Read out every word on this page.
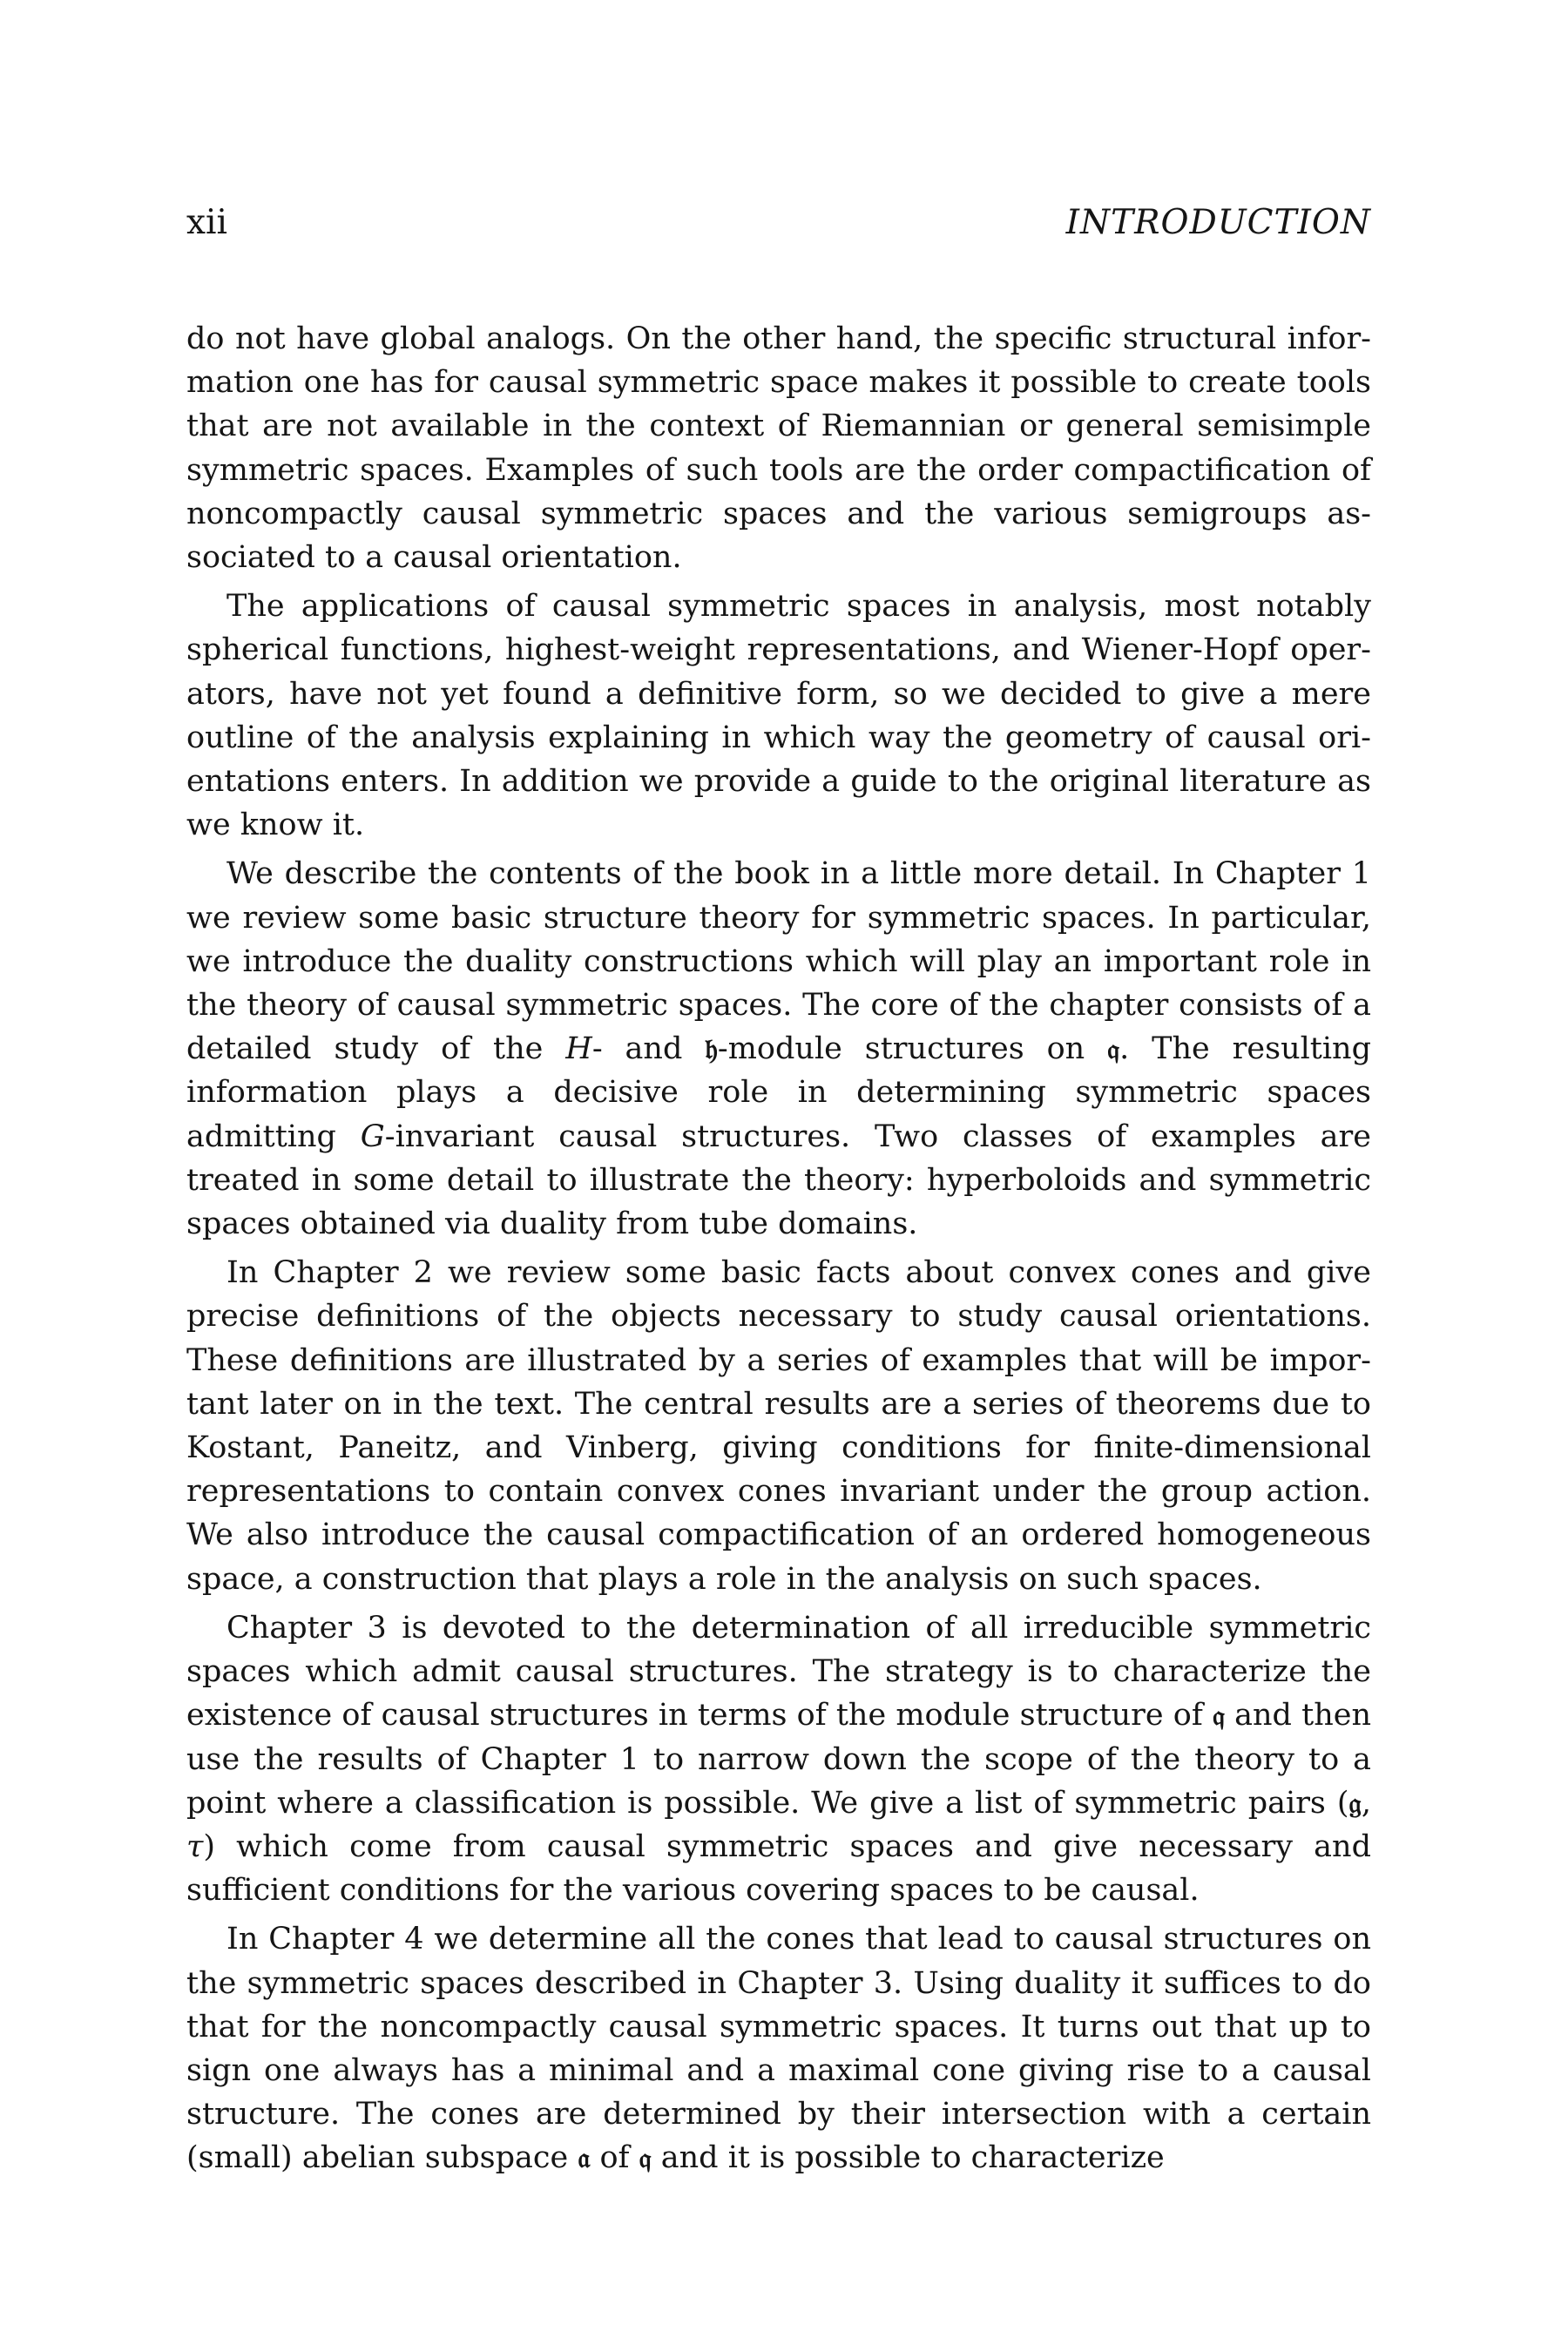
xii	INTRODUCTION

do not have global analogs. On the other hand, the specific structural information one has for causal symmetric space makes it possible to create tools that are not available in the context of Riemannian or general semisimple symmetric spaces. Examples of such tools are the order compactification of noncompactly causal symmetric spaces and the various semigroups associated to a causal orientation.

The applications of causal symmetric spaces in analysis, most notably spherical functions, highest-weight representations, and Wiener-Hopf operators, have not yet found a definitive form, so we decided to give a mere outline of the analysis explaining in which way the geometry of causal orientations enters. In addition we provide a guide to the original literature as we know it.

We describe the contents of the book in a little more detail. In Chapter 1 we review some basic structure theory for symmetric spaces. In particular, we introduce the duality constructions which will play an important role in the theory of causal symmetric spaces. The core of the chapter consists of a detailed study of the H- and 𝔥-module structures on 𝔮. The resulting information plays a decisive role in determining symmetric spaces admitting G-invariant causal structures. Two classes of examples are treated in some detail to illustrate the theory: hyperboloids and symmetric spaces obtained via duality from tube domains.

In Chapter 2 we review some basic facts about convex cones and give precise definitions of the objects necessary to study causal orientations. These definitions are illustrated by a series of examples that will be important later on in the text. The central results are a series of theorems due to Kostant, Paneitz, and Vinberg, giving conditions for finite-dimensional representations to contain convex cones invariant under the group action. We also introduce the causal compactification of an ordered homogeneous space, a construction that plays a role in the analysis on such spaces.

Chapter 3 is devoted to the determination of all irreducible symmetric spaces which admit causal structures. The strategy is to characterize the existence of causal structures in terms of the module structure of 𝔮 and then use the results of Chapter 1 to narrow down the scope of the theory to a point where a classification is possible. We give a list of symmetric pairs (𝔤, τ) which come from causal symmetric spaces and give necessary and sufficient conditions for the various covering spaces to be causal.

In Chapter 4 we determine all the cones that lead to causal structures on the symmetric spaces described in Chapter 3. Using duality it suffices to do that for the noncompactly causal symmetric spaces. It turns out that up to sign one always has a minimal and a maximal cone giving rise to a causal structure. The cones are determined by their intersection with a certain (small) abelian subspace 𝔞 of 𝔮 and it is possible to characterize
